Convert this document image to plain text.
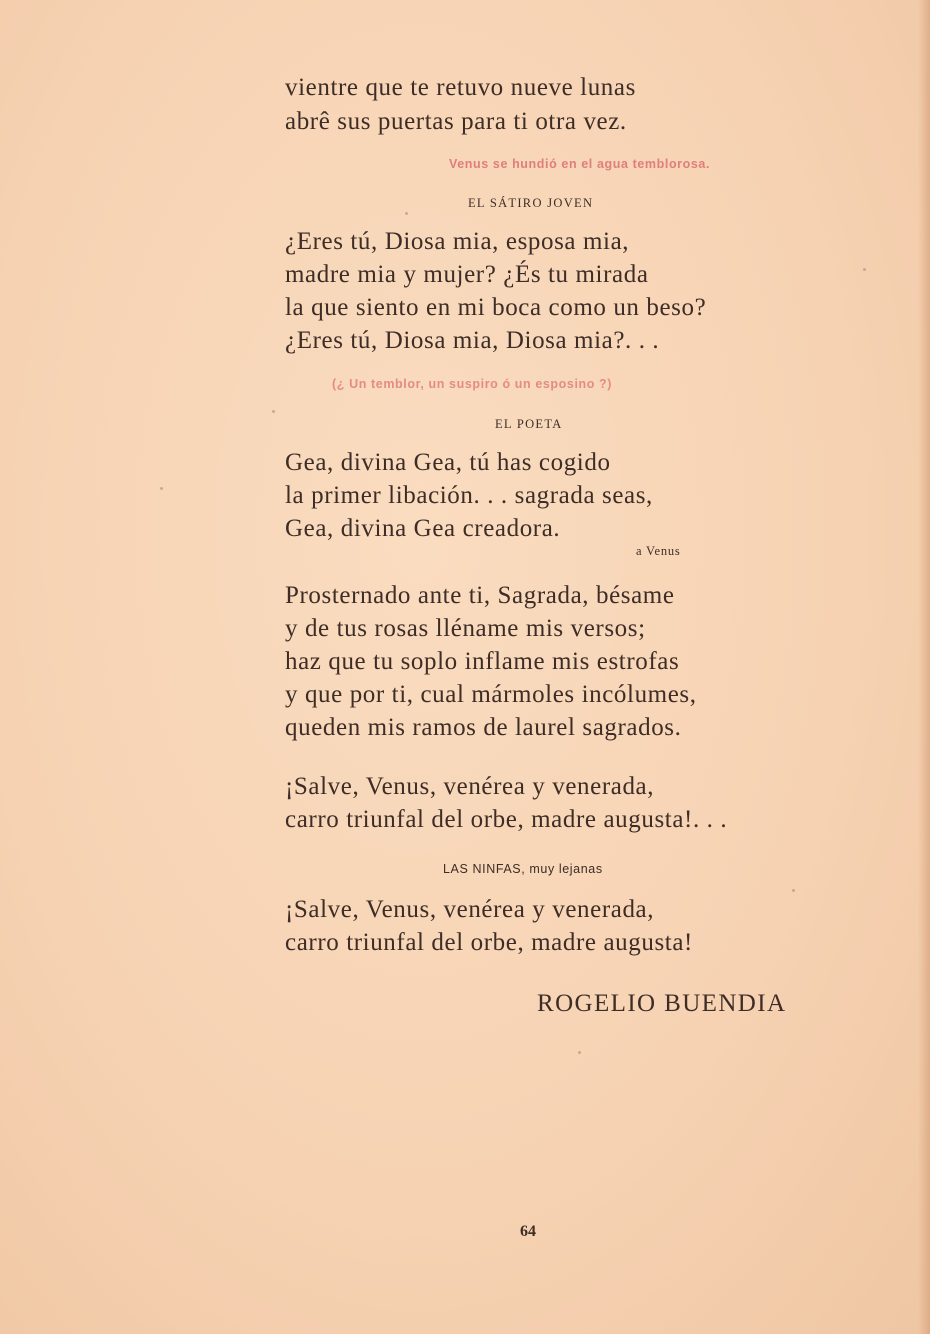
vientre que te retuvo nueve lunas

abrê sus puertas para ti otra vez.

Venus se hundió en el agua temblorosa.

EL SÁTIRO JOVEN

¿Eres tú, Diosa mia, esposa mia,

madre mia y mujer? ¿És tu mirada

la que siento en mi boca como un beso?

¿Eres tú, Diosa mia, Diosa mia?. . .

(¿ Un temblor, un suspiro ó un esposino ?)

EL POETA

Gea, divina Gea, tú has cogido

la primer libación. . . sagrada seas,

Gea, divina Gea creadora.

a Venus

Prosternado ante ti, Sagrada, bésame

y de tus rosas lléname mis versos;

haz que tu soplo inflame mis estrofas

y que por ti, cual mármoles incólumes,

queden mis ramos de laurel sagrados.

¡Salve, Venus, venérea y venerada,

carro triunfal del orbe, madre augusta!. . .

LAS NINFAS, muy lejanas

¡Salve, Venus, venérea y venerada,

carro triunfal del orbe, madre augusta!

ROGELIO BUENDIA

64
